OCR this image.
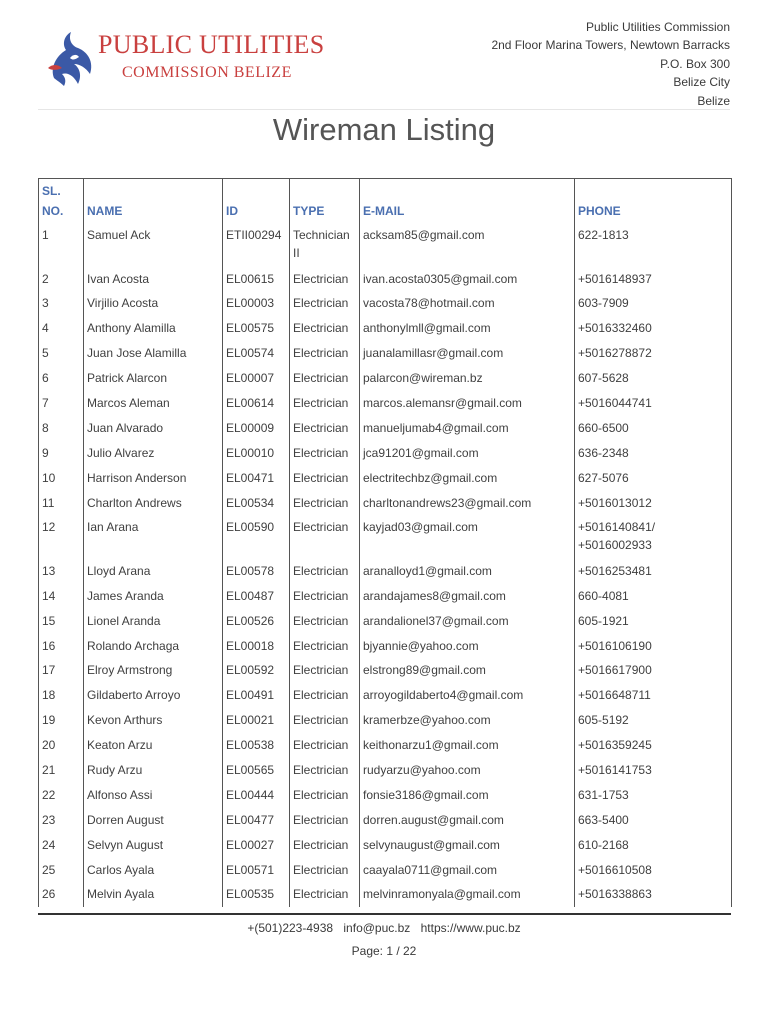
PUBLIC UTILITIES
COMMISSION BELIZE
Public Utilities Commission
2nd Floor Marina Towers, Newtown Barracks
P.O. Box 300
Belize City
Belize
Wireman Listing
SL. NO.	NAME	ID	TYPE	E-MAIL	PHONE
1	Samuel Ack	ETII00294	Technician II	acksam85@gmail.com	622-1813
2	Ivan Acosta	EL00615	Electrician	ivan.acosta0305@gmail.com	+5016148937
3	Virjilio Acosta	EL00003	Electrician	vacosta78@hotmail.com	603-7909
4	Anthony Alamilla	EL00575	Electrician	anthonylmll@gmail.com	+5016332460
5	Juan Jose Alamilla	EL00574	Electrician	juanalamillasr@gmail.com	+5016278872
6	Patrick Alarcon	EL00007	Electrician	palarcon@wireman.bz	607-5628
7	Marcos Aleman	EL00614	Electrician	marcos.alemansr@gmail.com	+5016044741
8	Juan Alvarado	EL00009	Electrician	manueljumab4@gmail.com	660-6500
9	Julio Alvarez	EL00010	Electrician	jca91201@gmail.com	636-2348
10	Harrison Anderson	EL00471	Electrician	electritechbz@gmail.com	627-5076
11	Charlton Andrews	EL00534	Electrician	charltonandrews23@gmail.com	+5016013012
12	Ian Arana	EL00590	Electrician	kayjad03@gmail.com	+5016140841/ +5016002933
13	Lloyd Arana	EL00578	Electrician	aranalloyd1@gmail.com	+5016253481
14	James Aranda	EL00487	Electrician	arandajames8@gmail.com	660-4081
15	Lionel Aranda	EL00526	Electrician	arandalionel37@gmail.com	605-1921
16	Rolando Archaga	EL00018	Electrician	bjyannie@yahoo.com	+5016106190
17	Elroy Armstrong	EL00592	Electrician	elstrong89@gmail.com	+5016617900
18	Gildaberto Arroyo	EL00491	Electrician	arroyogildaberto4@gmail.com	+5016648711
19	Kevon Arthurs	EL00021	Electrician	kramerbze@yahoo.com	605-5192
20	Keaton Arzu	EL00538	Electrician	keithonarzu1@gmail.com	+5016359245
21	Rudy Arzu	EL00565	Electrician	rudyarzu@yahoo.com	+5016141753
22	Alfonso Assi	EL00444	Electrician	fonsie3186@gmail.com	631-1753
23	Dorren August	EL00477	Electrician	dorren.august@gmail.com	663-5400
24	Selvyn August	EL00027	Electrician	selvynaugust@gmail.com	610-2168
25	Carlos Ayala	EL00571	Electrician	caayala0711@gmail.com	+5016610508
26	Melvin Ayala	EL00535	Electrician	melvinramonyala@gmail.com	+5016338863
+(501)223-4938 info@puc.bz https://www.puc.bz
Page: 1 / 22
